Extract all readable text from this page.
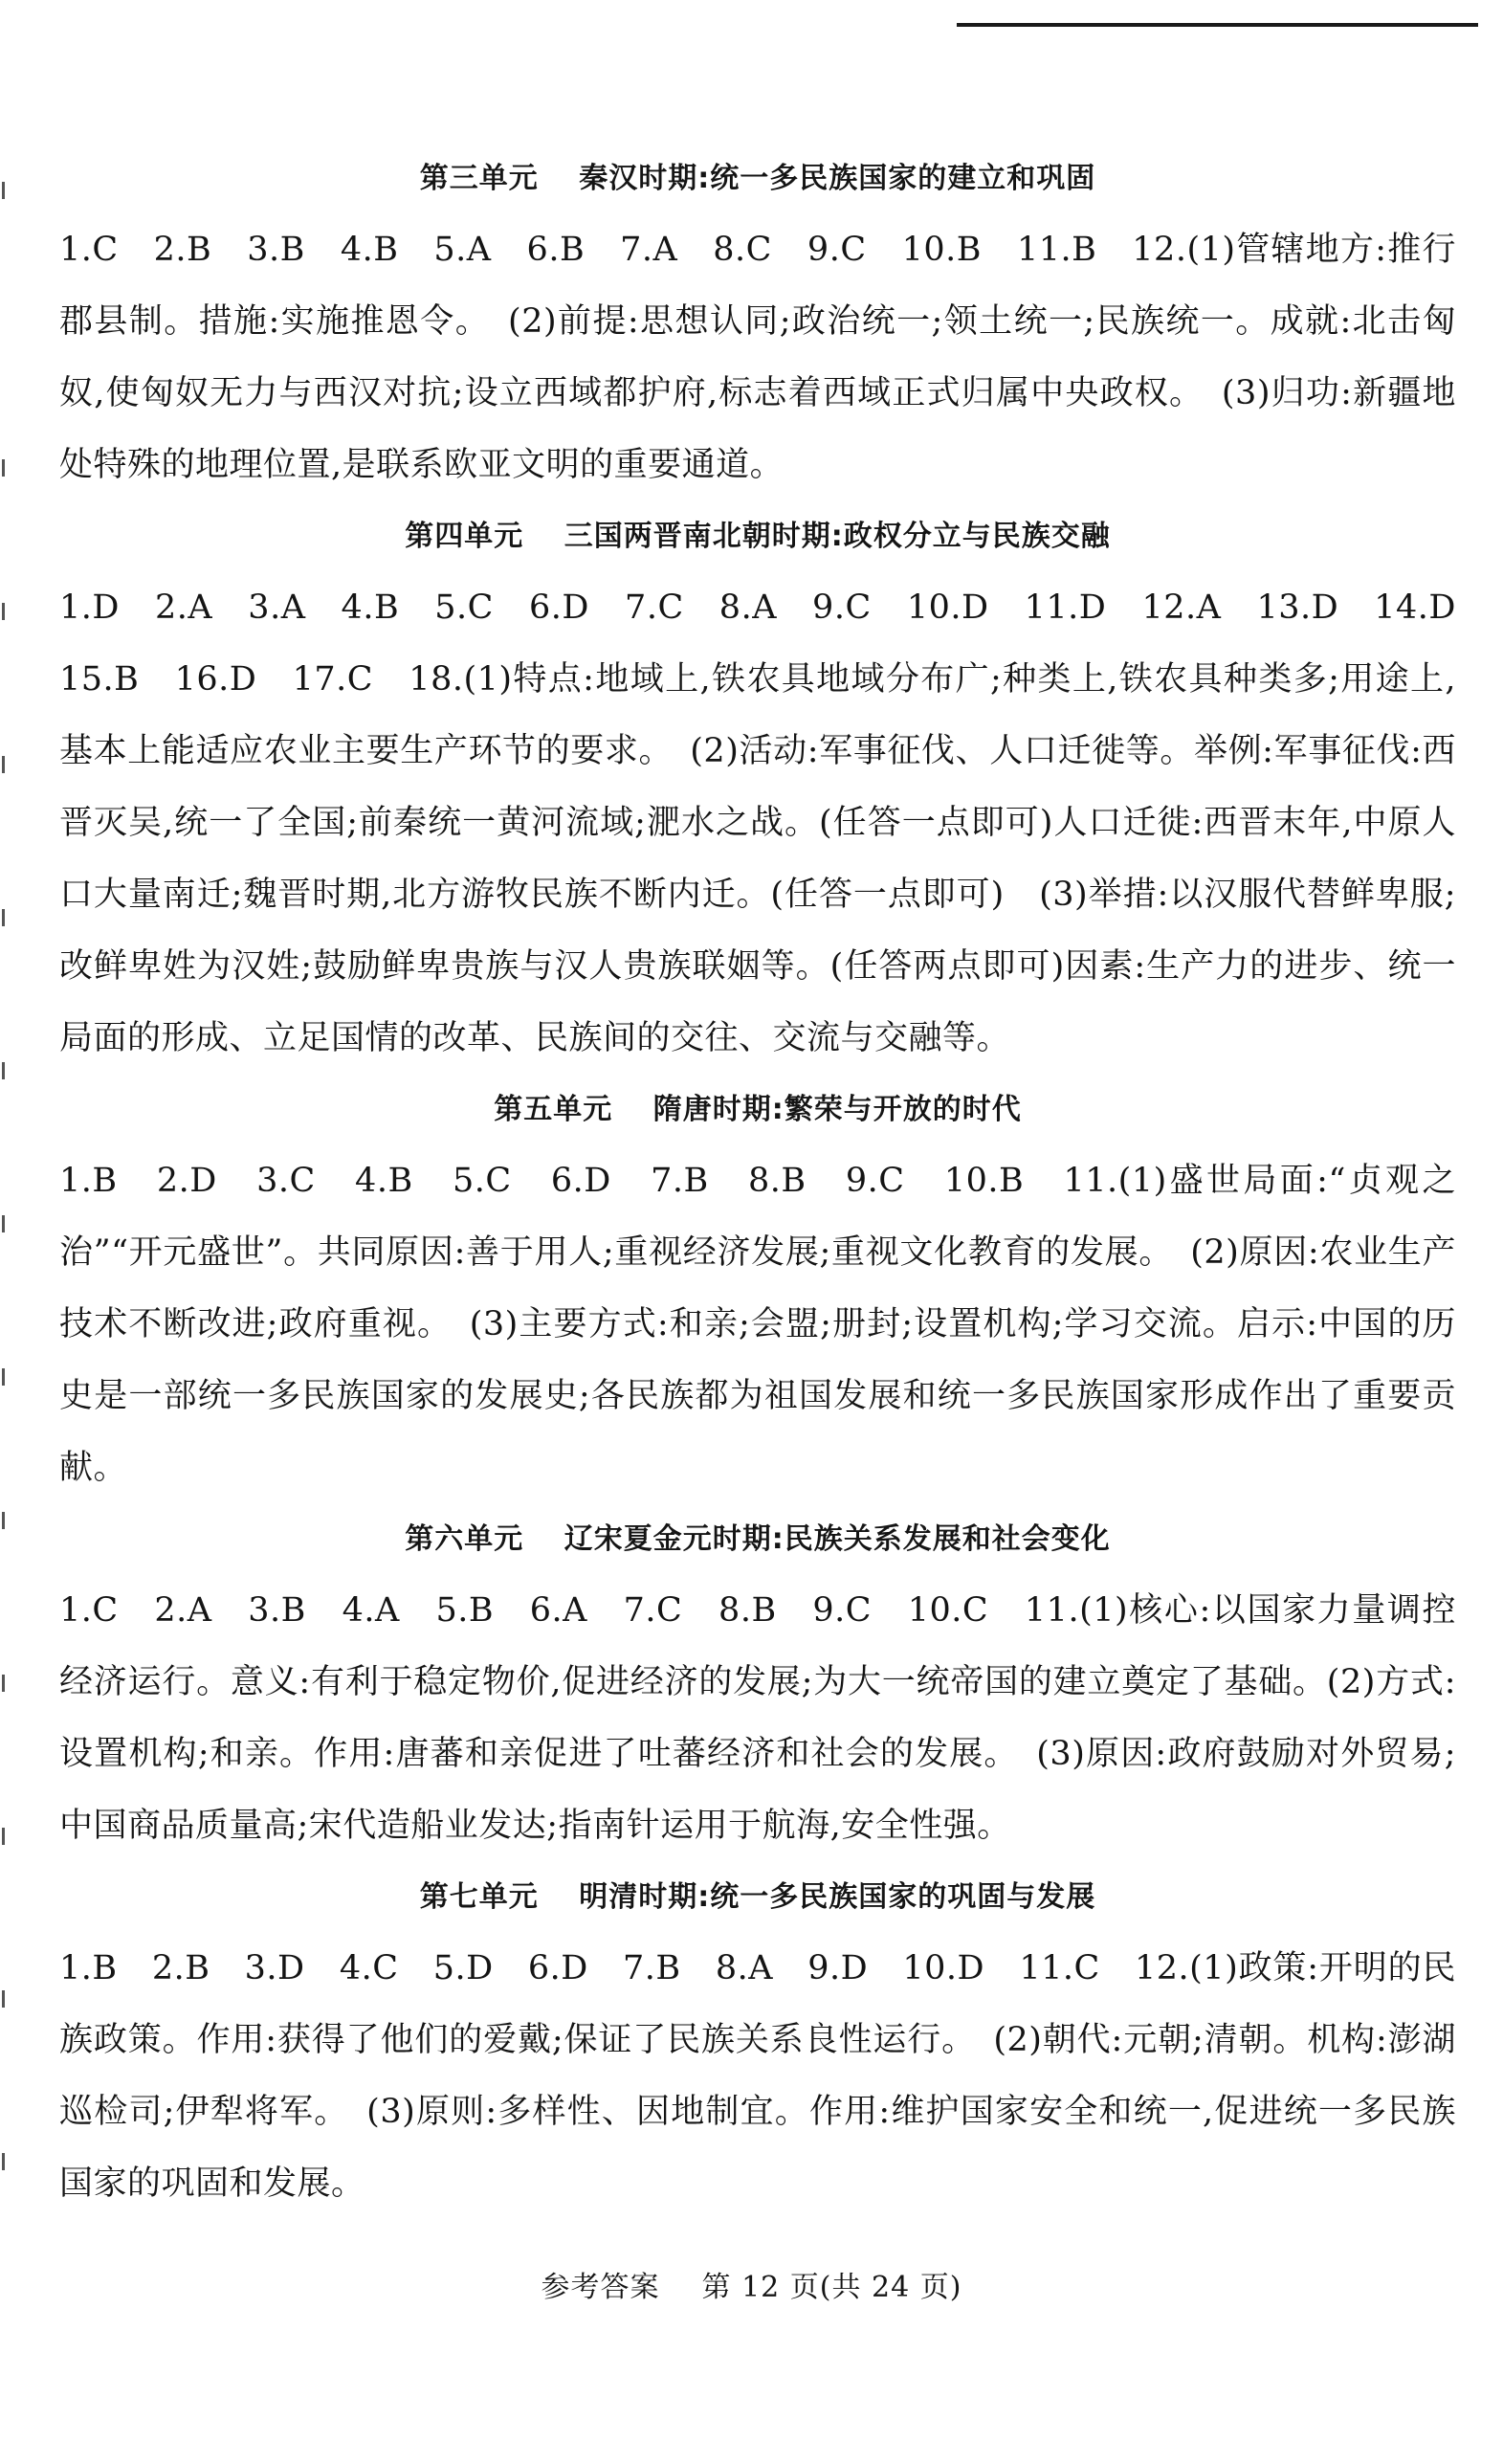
第三单元　 秦汉时期:统一多民族国家的建立和巩固
1.C　2.B　3.B　4.B　5.A　6.B　7.A　8.C　9.C　10.B　11.B　12.(1)管辖地方:推行郡县制。措施:实施推恩令。　(2)前提:思想认同;政治统一;领土统一;民族统一。成就:北击匈奴,使匈奴无力与西汉对抗;设立西域都护府,标志着西域正式归属中央政权。　(3)归功:新疆地处特殊的地理位置,是联系欧亚文明的重要通道。
第四单元　 三国两晋南北朝时期:政权分立与民族交融
1.D　2.A　3.A　4.B　5.C　6.D　7.C　8.A　9.C　10.D　11.D　12.A　13.D　14.D　15.B　16.D　17.C　18.(1)特点:地域上,铁农具地域分布广;种类上,铁农具种类多;用途上,基本上能适应农业主要生产环节的要求。　(2)活动:军事征伐、人口迁徙等。举例:军事征伐:西晋灭吴,统一了全国;前秦统一黄河流域;淝水之战。(任答一点即可)人口迁徙:西晋末年,中原人口大量南迁;魏晋时期,北方游牧民族不断内迁。(任答一点即可)　(3)举措:以汉服代替鲜卑服;改鲜卑姓为汉姓;鼓励鲜卑贵族与汉人贵族联姻等。(任答两点即可)因素:生产力的进步、统一局面的形成、立足国情的改革、民族间的交往、交流与交融等。
第五单元　 隋唐时期:繁荣与开放的时代
1.B　2.D　3.C　4.B　5.C　6.D　7.B　8.B　9.C　10.B　11.(1)盛世局面:“贞观之治”“开元盛世”。共同原因:善于用人;重视经济发展;重视文化教育的发展。　(2)原因:农业生产技术不断改进;政府重视。　(3)主要方式:和亲;会盟;册封;设置机构;学习交流。启示:中国的历史是一部统一多民族国家的发展史;各民族都为祖国发展和统一多民族国家形成作出了重要贡献。
第六单元　 辽宋夏金元时期:民族关系发展和社会变化
1.C　2.A　3.B　4.A　5.B　6.A　7.C　8.B　9.C　10.C　11.(1)核心:以国家力量调控经济运行。意义:有利于稳定物价,促进经济的发展;为大一统帝国的建立奠定了基础。(2)方式:设置机构;和亲。作用:唐蕃和亲促进了吐蕃经济和社会的发展。　(3)原因:政府鼓励对外贸易;中国商品质量高;宋代造船业发达;指南针运用于航海,安全性强。
第七单元　 明清时期:统一多民族国家的巩固与发展
1.B　2.B　3.D　4.C　5.D　6.D　7.B　8.A　9.D　10.D　11.C　12.(1)政策:开明的民族政策。作用:获得了他们的爱戴;保证了民族关系良性运行。　(2)朝代:元朝;清朝。机构:澎湖巡检司;伊犁将军。　(3)原则:多样性、因地制宜。作用:维护国家安全和统一,促进统一多民族国家的巩固和发展。
参考答案 第 12 页(共 24 页)
